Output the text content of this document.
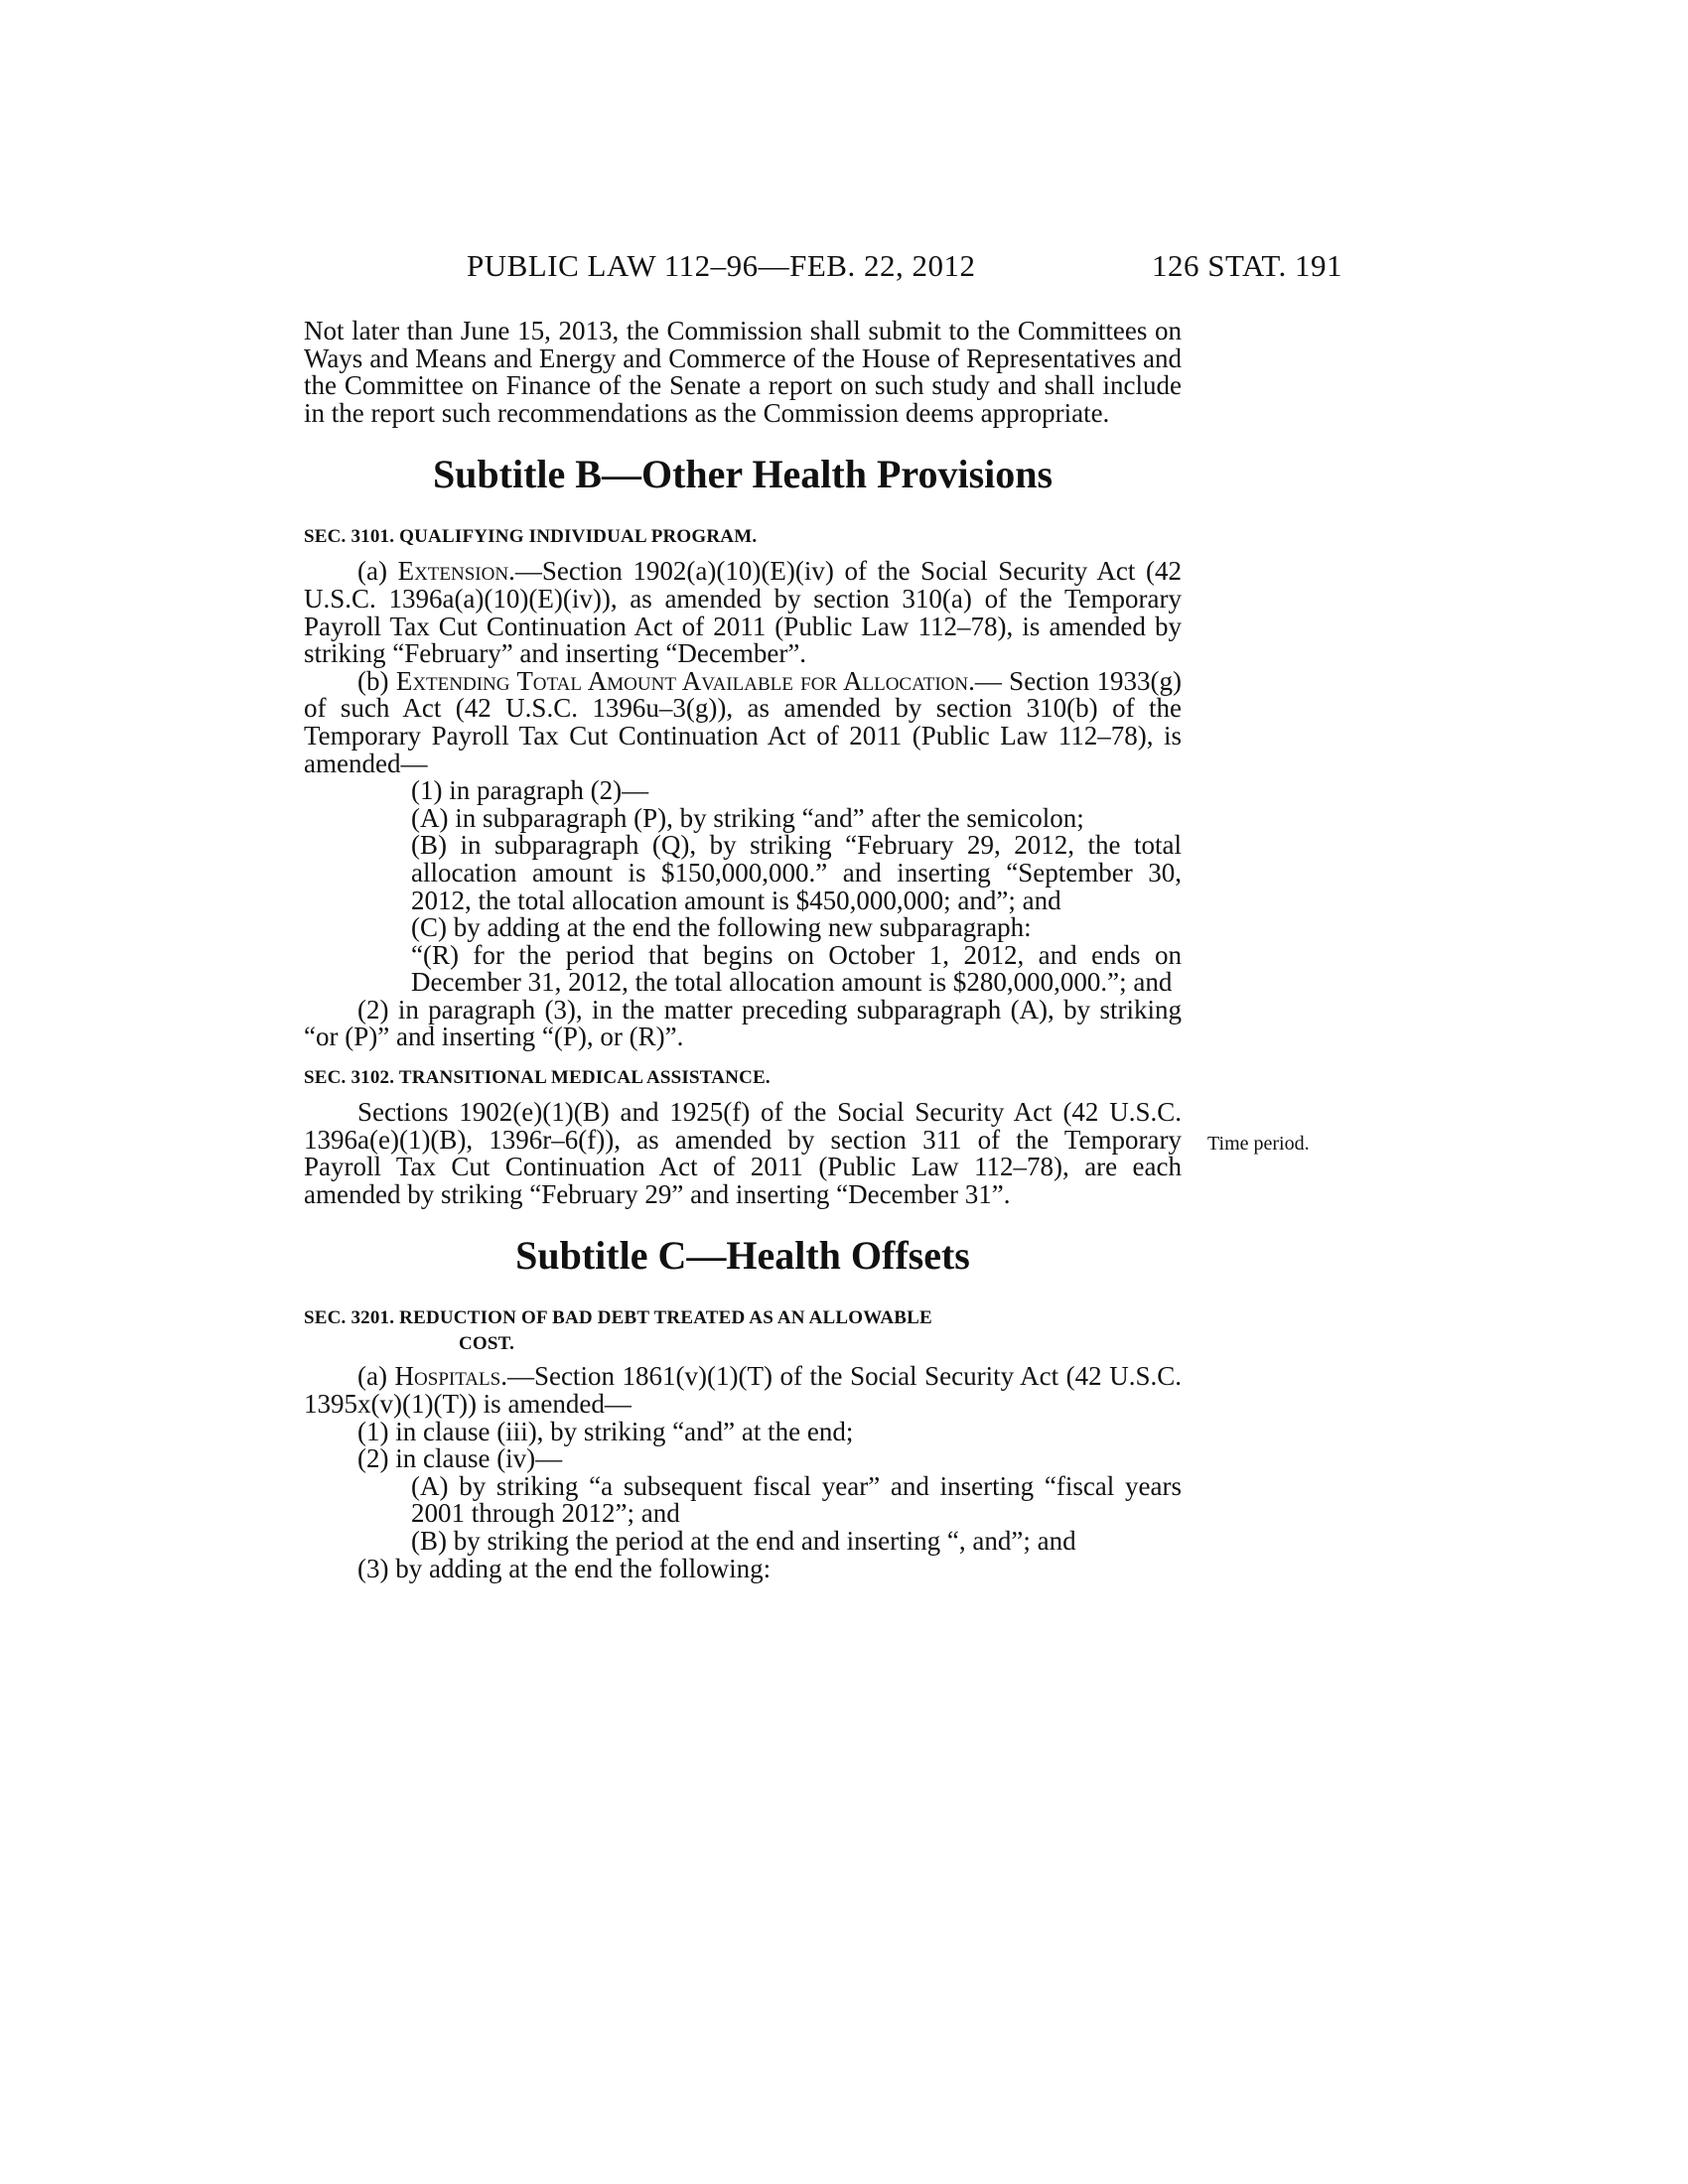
PUBLIC LAW 112–96—FEB. 22, 2012	126 STAT. 191

Not later than June 15, 2013, the Commission shall submit to the Committees on Ways and Means and Energy and Commerce of the House of Representatives and the Committee on Finance of the Senate a report on such study and shall include in the report such recommendations as the Commission deems appropriate.

Subtitle B—Other Health Provisions
SEC. 3101. QUALIFYING INDIVIDUAL PROGRAM.

(a) Extension.—Section 1902(a)(10)(E)(iv) of the Social Security Act (42 U.S.C. 1396a(a)(10)(E)(iv)), as amended by section 310(a) of the Temporary Payroll Tax Cut Continuation Act of 2011 (Public Law 112–78), is amended by striking “February” and inserting “December”.

(b) Extending Total Amount Available for Allocation.— Section 1933(g) of such Act (42 U.S.C. 1396u–3(g)), as amended by section 310(b) of the Temporary Payroll Tax Cut Continuation Act of 2011 (Public Law 112–78), is amended—

(1) in paragraph (2)—

(A) in subparagraph (P), by striking “and” after the semicolon;

(B) in subparagraph (Q), by striking “February 29, 2012, the total allocation amount is $150,000,000.” and inserting “September 30, 2012, the total allocation amount is $450,000,000; and”; and

(C) by adding at the end the following new subparagraph:

“(R) for the period that begins on October 1, 2012, and ends on December 31, 2012, the total allocation amount is $280,000,000.”; and

(2) in paragraph (3), in the matter preceding subparagraph (A), by striking “or (P)” and inserting “(P), or (R)”.

SEC. 3102. TRANSITIONAL MEDICAL ASSISTANCE.

Sections 1902(e)(1)(B) and 1925(f) of the Social Security Act (42 U.S.C. 1396a(e)(1)(B), 1396r–6(f)), as amended by section 311 of the Temporary Payroll Tax Cut Continuation Act of 2011 (Public Law 112–78), are each amended by striking “February 29” and inserting “December 31”.

Subtitle C—Health Offsets
SEC. 3201. REDUCTION OF BAD DEBT TREATED AS AN ALLOWABLE
COST.

(a) Hospitals.—Section 1861(v)(1)(T) of the Social Security Act (42 U.S.C. 1395x(v)(1)(T)) is amended—

(1) in clause (iii), by striking “and” at the end;

(2) in clause (iv)—

(A) by striking “a subsequent fiscal year” and inserting “fiscal years 2001 through 2012”; and

(B) by striking the period at the end and inserting “, and”; and

(3) by adding at the end the following:

Time period.
